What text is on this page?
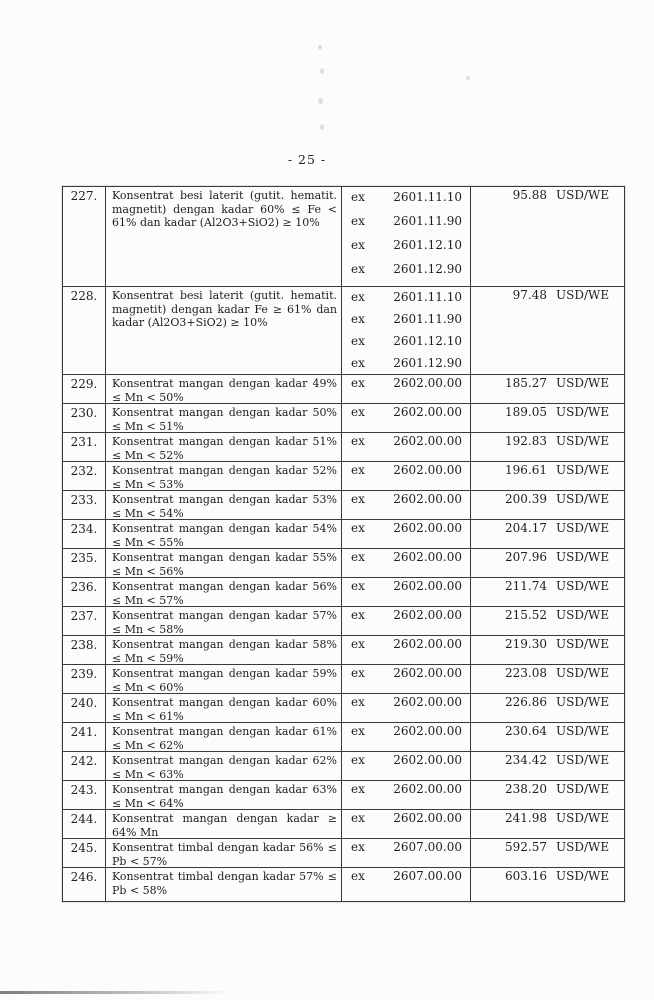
- 25 -
227.	Konsentrat besi laterit (gutit. hematit. magnetit) dengan kadar 60% ≤ Fe < 61% dan kadar (Al2O3+SiO2) ≥ 10%
ex 2601.11.10
ex 2601.11.90
ex 2601.12.10
ex 2601.12.90
95.88 USD/WE
228.	Konsentrat besi laterit (gutit. hematit. magnetit) dengan kadar Fe ≥ 61% dan kadar (Al2O3+SiO2) ≥ 10%
ex 2601.11.10
ex 2601.11.90
ex 2601.12.10
ex 2601.12.90
97.48 USD/WE
229.	Konsentrat mangan dengan kadar 49% ≤ Mn < 50%
ex 2602.00.00	185.27 USD/WE
230.	Konsentrat mangan dengan kadar 50% ≤ Mn < 51%
ex 2602.00.00	189.05 USD/WE
231.	Konsentrat mangan dengan kadar 51% ≤ Mn < 52%
ex 2602.00.00	192.83 USD/WE
232.	Konsentrat mangan dengan kadar 52% ≤ Mn < 53%
ex 2602.00.00	196.61 USD/WE
233.	Konsentrat mangan dengan kadar 53% ≤ Mn < 54%
ex 2602.00.00	200.39 USD/WE
234.	Konsentrat mangan dengan kadar 54% ≤ Mn < 55%
ex 2602.00.00	204.17 USD/WE
235.	Konsentrat mangan dengan kadar 55% ≤ Mn < 56%
ex 2602.00.00	207.96 USD/WE
236.	Konsentrat mangan dengan kadar 56% ≤ Mn < 57%
ex 2602.00.00	211.74 USD/WE
237.	Konsentrat mangan dengan kadar 57% ≤ Mn < 58%
ex 2602.00.00	215.52 USD/WE
238.	Konsentrat mangan dengan kadar 58% ≤ Mn < 59%
ex 2602.00.00	219.30 USD/WE
239.	Konsentrat mangan dengan kadar 59% ≤ Mn < 60%
ex 2602.00.00	223.08 USD/WE
240.	Konsentrat mangan dengan kadar 60% ≤ Mn < 61%
ex 2602.00.00	226.86 USD/WE
241.	Konsentrat mangan dengan kadar 61% ≤ Mn < 62%
ex 2602.00.00	230.64 USD/WE
242.	Konsentrat mangan dengan kadar 62% ≤ Mn < 63%
ex 2602.00.00	234.42 USD/WE
243.	Konsentrat mangan dengan kadar 63% ≤ Mn < 64%
ex 2602.00.00	238.20 USD/WE
244.	Konsentrat mangan dengan kadar ≥ 64% Mn
ex 2602.00.00	241.98 USD/WE
245.	Konsentrat timbal dengan kadar 56% ≤ Pb < 57%
ex 2607.00.00	592.57 USD/WE
246.	Konsentrat timbal dengan kadar 57% ≤ Pb < 58%
ex 2607.00.00	603.16 USD/WE
